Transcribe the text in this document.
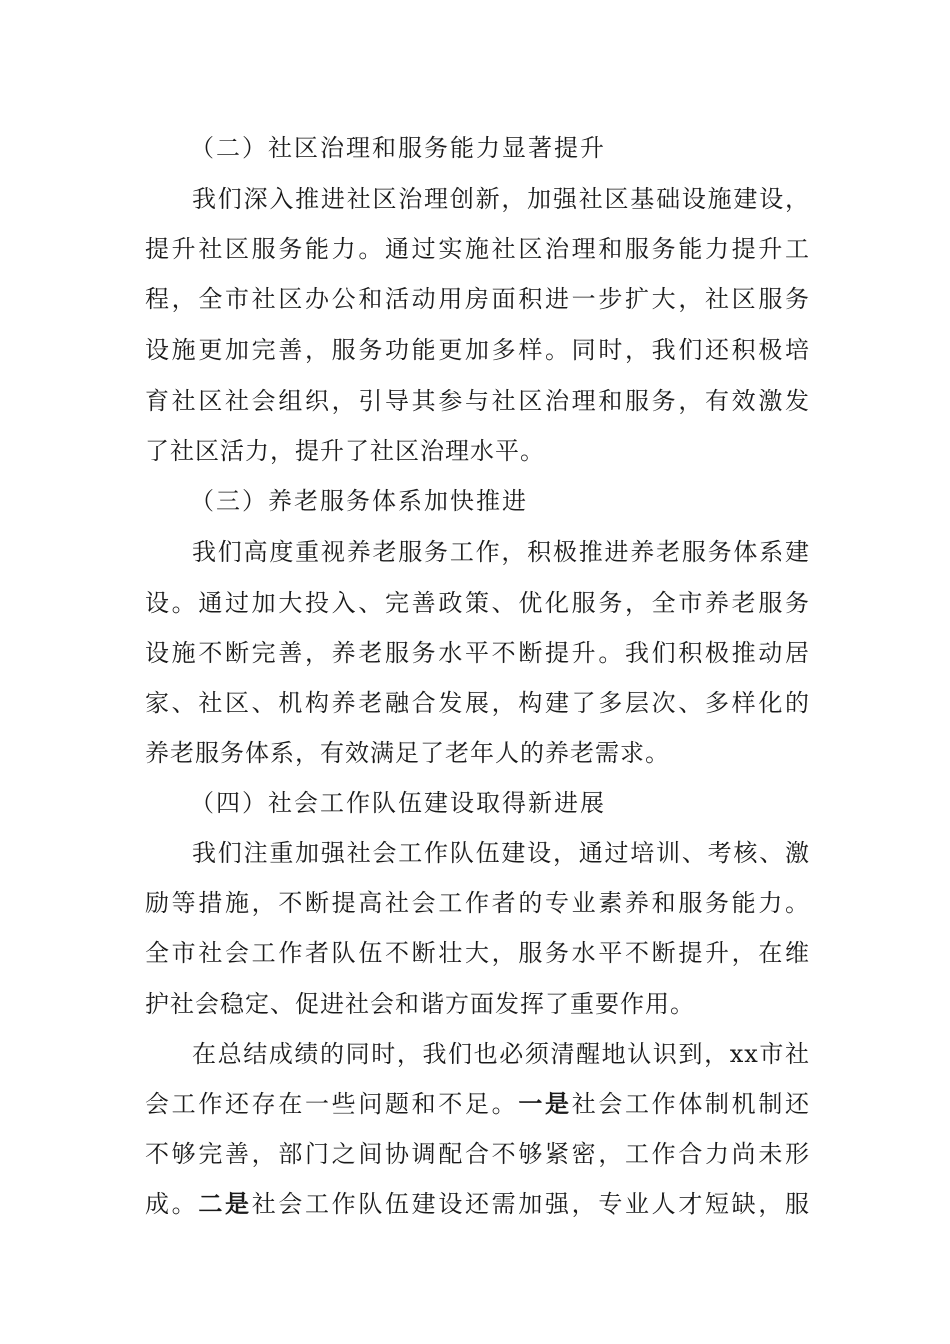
（二）社区治理和服务能力显著提升
我们深入推进社区治理创新，加强社区基础设施建设，
提升社区服务能力。通过实施社区治理和服务能力提升工
程，全市社区办公和活动用房面积进一步扩大，社区服务
设施更加完善，服务功能更加多样。同时，我们还积极培
育社区社会组织，引导其参与社区治理和服务，有效激发
了社区活力，提升了社区治理水平。
（三）养老服务体系加快推进
我们高度重视养老服务工作，积极推进养老服务体系建
设。通过加大投入、完善政策、优化服务，全市养老服务
设施不断完善，养老服务水平不断提升。我们积极推动居
家、社区、机构养老融合发展，构建了多层次、多样化的
养老服务体系，有效满足了老年人的养老需求。
（四）社会工作队伍建设取得新进展
我们注重加强社会工作队伍建设，通过培训、考核、激
励等措施，不断提高社会工作者的专业素养和服务能力。
全市社会工作者队伍不断壮大，服务水平不断提升，在维
护社会稳定、促进社会和谐方面发挥了重要作用。
在总结成绩的同时，我们也必须清醒地认识到，xx市社
会工作还存在一些问题和不足。一是社会工作体制机制还
不够完善，部门之间协调配合不够紧密，工作合力尚未形
成。二是社会工作队伍建设还需加强，专业人才短缺，服
